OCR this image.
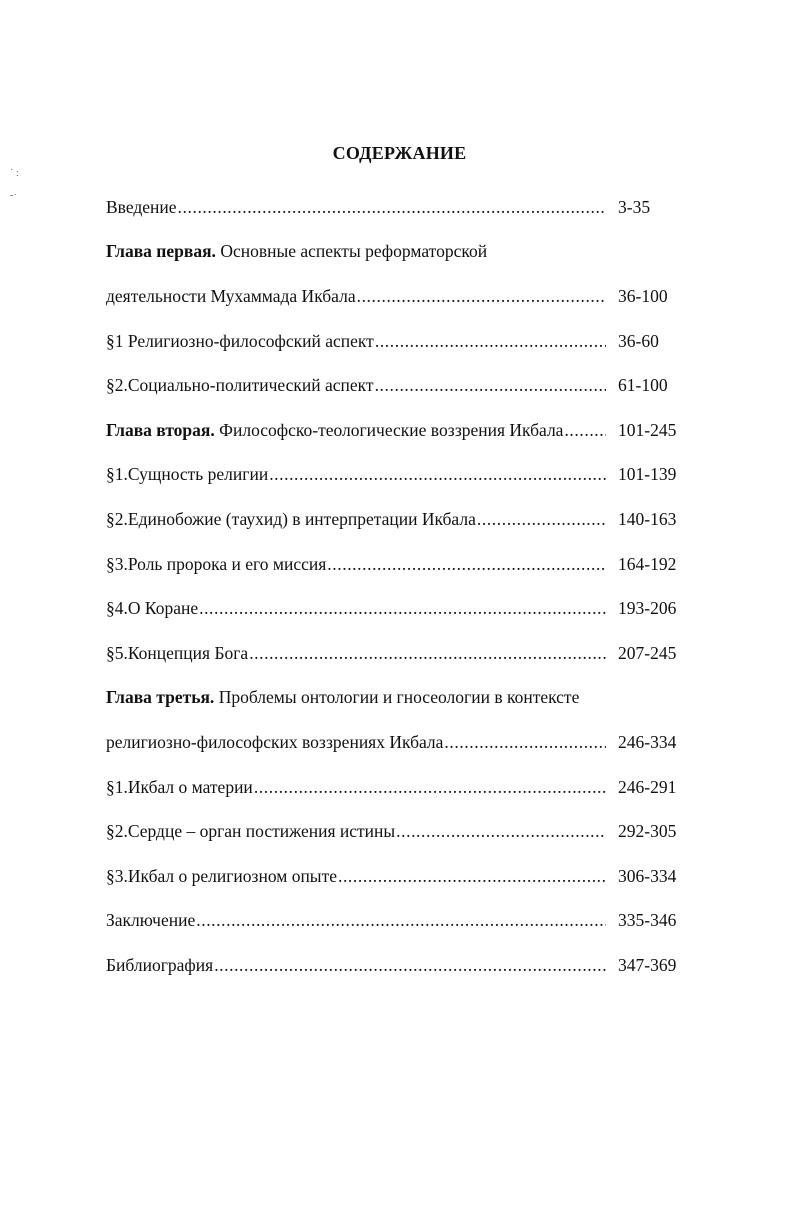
˙ :
-·
СОДЕРЖАНИЕ
Введение .....	3-35
Глава первая. Основные аспекты реформаторской
деятельности Мухаммада Икбала .....	36-100
§1 Религиозно-философский аспект .....	36-60
§2.Социально-политический аспект .....	61-100
Глава вторая. Философско-теологические воззрения Икбала .....	101-245
§1.Сущность религии .....	101-139
§2.Единобожие (таухид) в интерпретации Икбала .....	140-163
§3.Роль пророка и его миссия .....	164-192
§4.О Коране .....	193-206
§5.Концепция Бога .....	207-245
Глава третья. Проблемы онтологии и гносеологии в контексте
религиозно-философских воззрениях Икбала .....	246-334
§1.Икбал о материи .....	246-291
§2.Сердце – орган постижения истины .....	292-305
§3.Икбал о религиозном опыте .....	306-334
Заключение .....	335-346
Библиография .....	347-369
